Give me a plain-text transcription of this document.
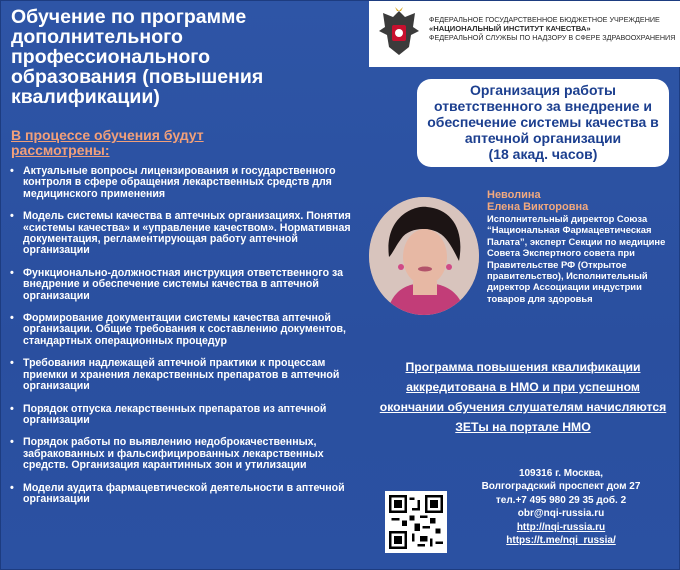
Обучение по программе дополнительного профессионального образования (повышения квалификации)
В процессе обучения будут рассмотрены:
• Актуальные вопросы лицензирования и государственного контроля в сфере обращения лекарственных средств для медицинского применения
• Модель системы качества в аптечных организациях. Понятия «системы качества» и «управление качеством». Нормативная документация, регламентирующая работу аптечной организации
• Функционально-должностная инструкция ответственного за внедрение и обеспечение системы качества в аптечной организации
• Формирование документации системы качества аптечной организации. Общие требования к составлению документов, стандартных операционных процедур
• Требования надлежащей аптечной практики к процессам приемки и хранения лекарственных препаратов в аптечной организации
• Порядок отпуска лекарственных препаратов из аптечной организации
• Порядок работы по выявлению недоброкачественных, забракованных и фальсифицированных лекарственных средств. Организация карантинных зон и утилизации
• Модели аудита фармацевтической деятельности в аптечной организации
ФЕДЕРАЛЬНОЕ ГОСУДАРСТВЕННОЕ БЮДЖЕТНОЕ УЧРЕЖДЕНИЕ
«НАЦИОНАЛЬНЫЙ ИНСТИТУТ КАЧЕСТВА»
ФЕДЕРАЛЬНОЙ СЛУЖБЫ ПО НАДЗОРУ В СФЕРЕ ЗДРАВООХРАНЕНИЯ
Организация работы ответственного за внедрение и обеспечение системы качества в аптечной организации
(18 акад. часов)
Неволина
Елена Викторовна
Исполнительный директор Союза “Национальная Фармацевтическая Палата”, эксперт Секции по медицине Совета Экспертного совета при Правительстве РФ (Открытое правительство), Исполнительный директор Ассоциации индустрии товаров для здоровья
Программа повышения квалификации аккредитована в НМО и при успешном окончании обучения слушателям начисляются ЗЕТы на портале НМО
109316 г. Москва,
Волгоградский проспект дом 27
тел.+7 495 980 29 35 доб. 2
obr@nqi-russia.ru
http://nqi-russia.ru
https://t.me/nqi_russia/
